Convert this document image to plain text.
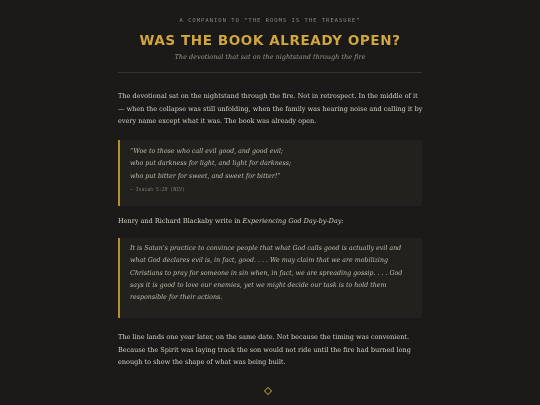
A COMPANION TO “THE ROOMS IS THE TREASURE”
WAS THE BOOK ALREADY OPEN?
The devotional that sat on the nightstand through the fire

The devotional sat on the nightstand through the fire. Not in retrospect. In the middle of it — when the collapse was still unfolding, when the family was hearing noise and calling it by every name except what it was. The book was already open.

“Woe to those who call evil good, and good evil;
who put darkness for light, and light for darkness;
who put bitter for sweet, and sweet for bitter!”
— Isaiah 5:20 (NIV)

Henry and Richard Blackaby write in Experiencing God Day-by-Day:

It is Satan’s practice to convince people that what God calls good is actually evil and what God declares evil is, in fact, good. . . . We may claim that we are mobilizing Christians to pray for someone in sin when, in fact, we are spreading gossip. . . . God says it is good to love our enemies, yet we might decide our task is to hold them responsible for their actions.

The line lands one year later, on the same date. Not because the timing was convenient. Because the Spirit was laying track the son would not ride until the fire had burned long enough to show the shape of what was being built.
